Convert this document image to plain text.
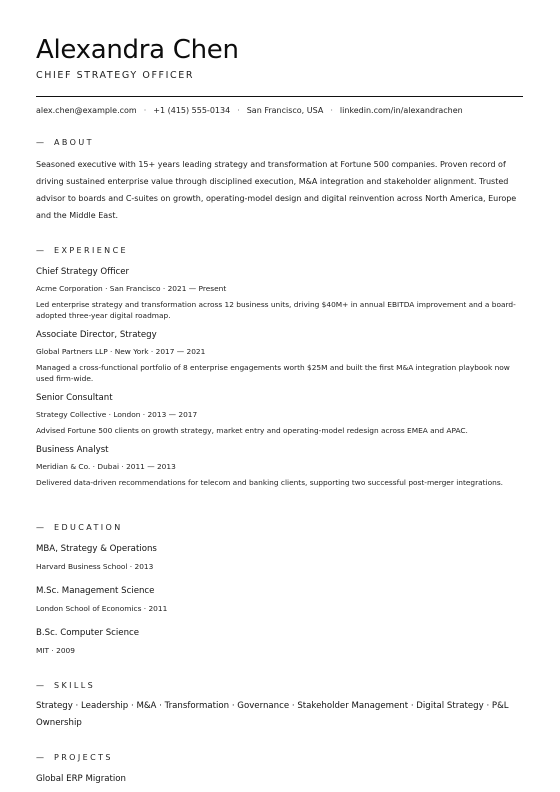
Alexandra Chen
CHIEF STRATEGY OFFICER
alex.chen@example.com · +1 (415) 555-0134 · San Francisco, USA · linkedin.com/in/alexandrachen
— ABOUT
Seasoned executive with 15+ years leading strategy and transformation at Fortune 500 companies. Proven record of driving sustained enterprise value through disciplined execution, M&A integration and stakeholder alignment. Trusted advisor to boards and C-suites on growth, operating-model design and digital reinvention across North America, Europe and the Middle East.
— EXPERIENCE
Chief Strategy Officer
Acme Corporation · San Francisco · 2021 — Present
Led enterprise strategy and transformation across 12 business units, driving $40M+ in annual EBITDA improvement and a board-adopted three-year digital roadmap.
Associate Director, Strategy
Global Partners LLP · New York · 2017 — 2021
Managed a cross-functional portfolio of 8 enterprise engagements worth $25M and built the first M&A integration playbook now used firm-wide.
Senior Consultant
Strategy Collective · London · 2013 — 2017
Advised Fortune 500 clients on growth strategy, market entry and operating-model redesign across EMEA and APAC.
Business Analyst
Meridian & Co. · Dubai · 2011 — 2013
Delivered data-driven recommendations for telecom and banking clients, supporting two successful post-merger integrations.
— EDUCATION
MBA, Strategy & Operations
Harvard Business School · 2013
M.Sc. Management Science
London School of Economics · 2011
B.Sc. Computer Science
MIT · 2009
— SKILLS
Strategy · Leadership · M&A · Transformation · Governance · Stakeholder Management · Digital Strategy · P&L Ownership
— PROJECTS
Global ERP Migration
